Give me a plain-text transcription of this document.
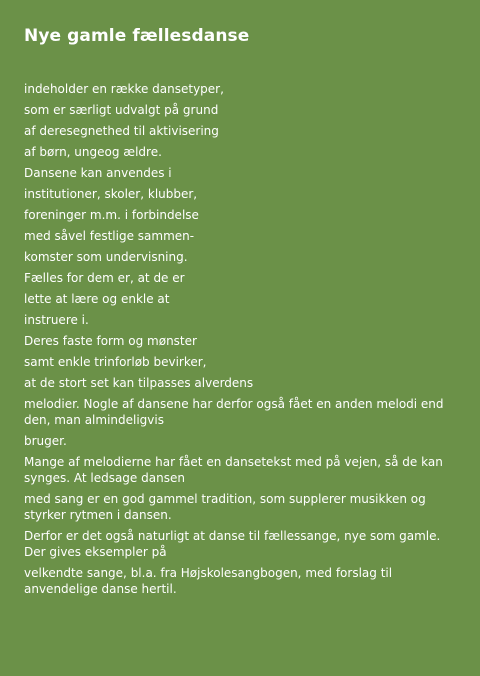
Nye gamle fællesdanse

indeholder en række dansetyper,

som er særligt udvalgt på grund

af deresegnethed til aktivisering

af børn, ungeog ældre.

Dansene kan anvendes i

institutioner, skoler, klubber,

foreninger m.m. i forbindelse

med såvel festlige sammen-

komster som undervisning.

Fælles for dem er, at de er

lette at lære og enkle at

instruere i.

Deres faste form og mønster

samt enkle trinforløb bevirker,

at de stort set kan tilpasses alverdens

melodier. Nogle af dansene har derfor også fået en anden melodi end den, man almindeligvis

bruger.

Mange af melodierne har fået en dansetekst med på vejen, så de kan synges. At ledsage dansen

med sang er en god gammel tradition, som supplerer musikken og styrker rytmen i dansen.

Derfor er det også naturligt at danse til fællessange, nye som gamle. Der gives eksempler på

velkendte sange, bl.a. fra Højskolesangbogen, med forslag til anvendelige danse hertil.
